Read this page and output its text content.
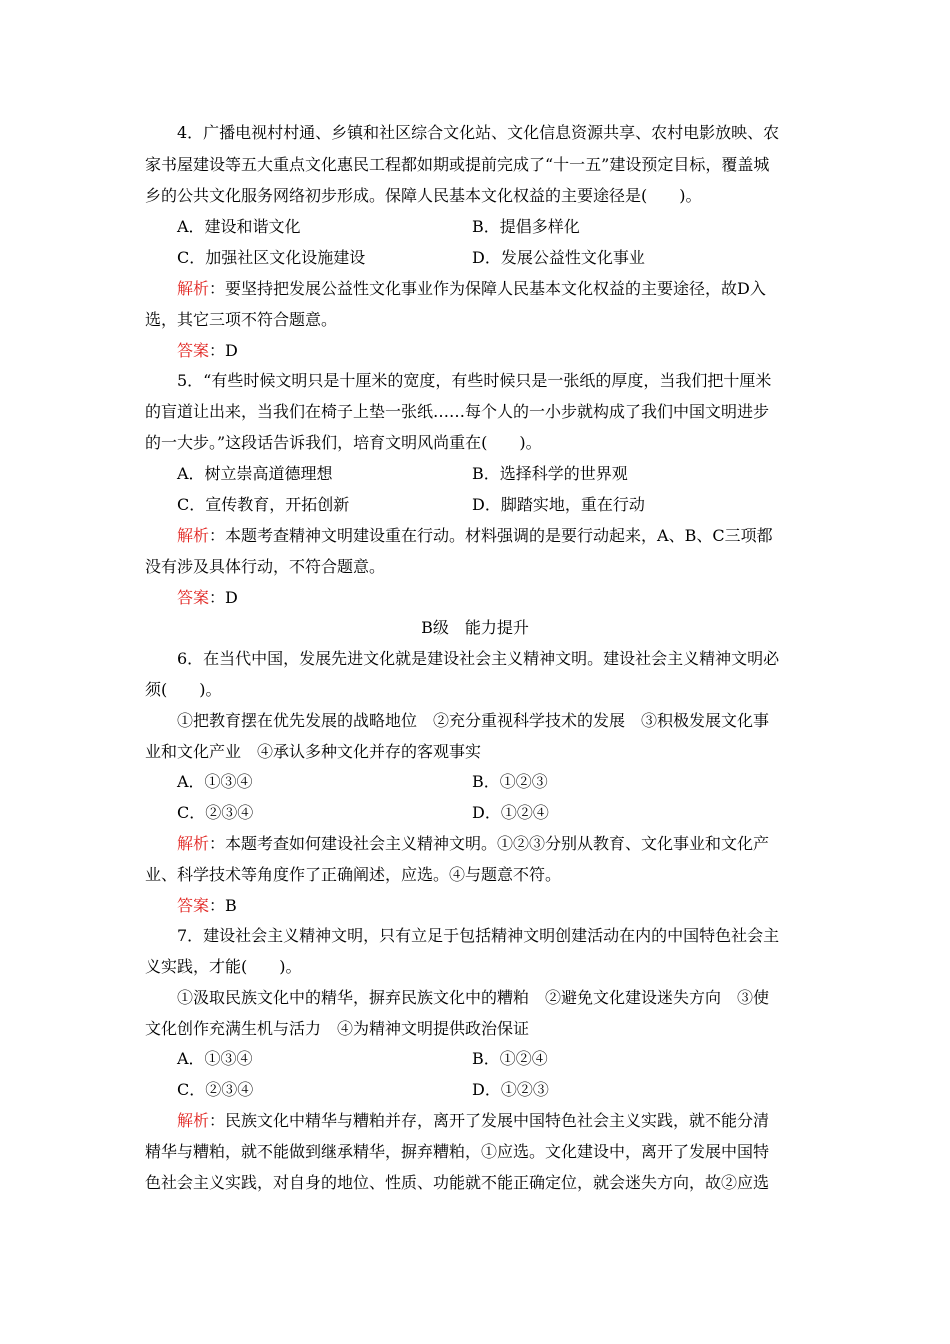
4．广播电视村村通、乡镇和社区综合文化站、文化信息资源共享、农村电影放映、农
家书屋建设等五大重点文化惠民工程都如期或提前完成了“十一五”建设预定目标，覆盖城
乡的公共文化服务网络初步形成。保障人民基本文化权益的主要途径是(　　)。
A．建设和谐文化	B．提倡多样化
C．加强社区文化设施建设	D．发展公益性文化事业
解析：要坚持把发展公益性文化事业作为保障人民基本文化权益的主要途径，故D入
选，其它三项不符合题意。
答案：D
5．“有些时候文明只是十厘米的宽度，有些时候只是一张纸的厚度，当我们把十厘米
的盲道让出来，当我们在椅子上垫一张纸……每个人的一小步就构成了我们中国文明进步
的一大步。”这段话告诉我们，培育文明风尚重在(　　)。
A．树立崇高道德理想	B．选择科学的世界观
C．宣传教育，开拓创新	D．脚踏实地，重在行动
解析：本题考查精神文明建设重在行动。材料强调的是要行动起来，A、B、C三项都
没有涉及具体行动，不符合题意。
答案：D
B级　能力提升
6．在当代中国，发展先进文化就是建设社会主义精神文明。建设社会主义精神文明必
须(　　)。
①把教育摆在优先发展的战略地位　②充分重视科学技术的发展　③积极发展文化事
业和文化产业　④承认多种文化并存的客观事实
A．①③④	B．①②③
C．②③④	D．①②④
解析：本题考查如何建设社会主义精神文明。①②③分别从教育、文化事业和文化产
业、科学技术等角度作了正确阐述，应选。④与题意不符。
答案：B
7．建设社会主义精神文明，只有立足于包括精神文明创建活动在内的中国特色社会主
义实践，才能(　　)。
①汲取民族文化中的精华，摒弃民族文化中的糟粕　②避免文化建设迷失方向　③使
文化创作充满生机与活力　④为精神文明提供政治保证
A．①③④	B．①②④
C．②③④	D．①②③
解析：民族文化中精华与糟粕并存，离开了发展中国特色社会主义实践，就不能分清
精华与糟粕，就不能做到继承精华，摒弃糟粕，①应选。文化建设中，离开了发展中国特
色社会主义实践，对自身的地位、性质、功能就不能正确定位，就会迷失方向，故②应选
